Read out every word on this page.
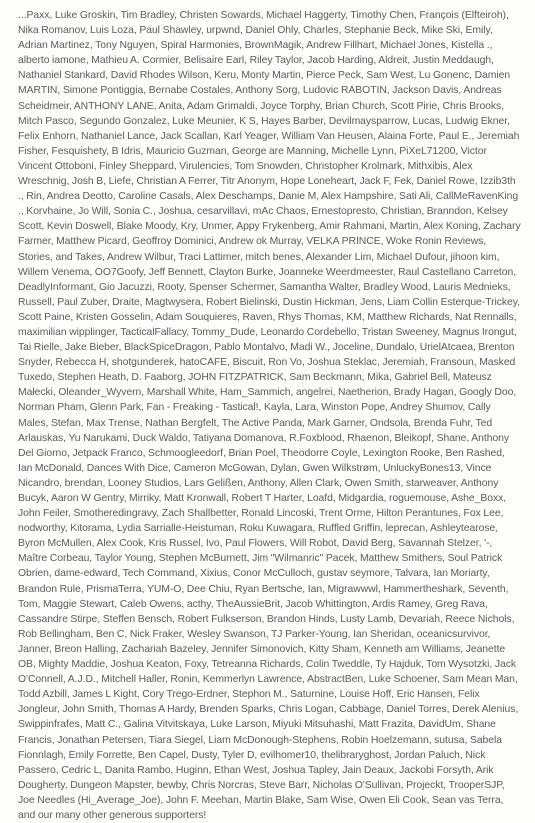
...Paxx, Luke Groskin, Tim Bradley, Christen Sowards, Michael Haggerty, Timothy Chen, François (Elfteiroh), Nika Romanov, Luis Loza, Paul Shawley, urpwnd, Daniel Ohly, Charles, Stephanie Beck, Mike Ski, Emily, Adrian Martinez, Tony Nguyen, Spiral Harmonies, BrownMagik, Andrew Fillhart, Michael Jones, Kistella ., alberto iamone, Mathieu A. Cormier, Belisaire Earl, Riley Taylor, Jacob Harding, Aldreit, Justin Meddaugh, Nathaniel Stankard, David Rhodes Wilson, Keru, Monty Martin, Pierce Peck, Sam West, Lu Gonenc, Damien MARTIN, Simone Pontiggia, Bernabe Costales, Anthony Sorg, Ludovic RABOTIN, Jackson Davis, Andreas Scheidmeir, ANTHONY LANE, Anita, Adam Grimaldi, Joyce Torphy, Brian Church, Scott Pirie, Chris Brooks, Mitch Pasco, Segundo Gonzalez, Luke Meunier, K S, Hayes Barber, Devilmaysparrow, Lucas, Ludwig Ekner, Felix Enhorn, Nathaniel Lance, Jack Scallan, Karl Yeager, William Van Heusen, Alaina Forte, Paul E., Jeremiah Fisher, Fesquishety, B Idris, Mauricio Guzman, George are Manning, Michelle Lynn, PiXeL71200, Victor Vincent Ottoboni, Finley Sheppard, Virulencies, Tom Snowden, Christopher Krolmark, Mithxibis, Alex Wreschnig, Josh B, Liefe, Christian A Ferrer, Titr Anonym, Hope Loneheart, Jack F, Fek, Daniel Rowe, Izzib3th ., Rin, Andrea Deotto, Caroline Casals, Alex Deschamps, Danie M, Alex Hampshire, Sati Ali, CallMeRavenKing ., Korvhaine, Jo Will, Sonia C., Joshua, cesarvillavi, mAc Chaos, Ernestopresto, Christian, Branndon, Kelsey Scott, Kevin Doswell, Blake Moody, Kry, Unmer, Appy Frykenberg, Amir Rahmani, Martin, Alex Koning, Zachary Farmer, Matthew Picard, Geoffroy Dominici, Andrew ok Murray, VELKA PRINCE, Woke Ronin Reviews, Stories, and Takes, Andrew Wilbur, Traci Lattimer, mitch benes, Alexander Lim, Michael Dufour, jihoon kim, Willem Venema, OO7Goofy, Jeff Bennett, Clayton Burke, Joanneke Weerdmeester, Raul Castellano Carreton, DeadlyInformant, Gio Jacuzzi, Rooty, Spenser Schermer, Samantha Walter, Bradley Wood, Lauris Mednieks, Russell, Paul Zuber, Draite, Magtwysera, Robert Bielinski, Dustin Hickman, Jens, Liam Collin Esterque-Trickey, Scott Paine, Kristen Gosselin, Adam Souquieres, Raven, Rhys Thomas, KM, Matthew Richards, Nat Rennalls, maximilian wipplinger, TacticalFallacy, Tommy_Dude, Leonardo Cordebello, Tristan Sweeney, Magnus Irongut, Tai Rielle, Jake Bieber, BlackSpiceDragon, Pablo Montalvo, Madi W., Joceline, Dundalo, UrielAtcaea, Brenton Snyder, Rebecca H, shotgunderek, hatoCAFE, Biscuit, Ron Vo, Joshua Steklac, Jeremiah, Fransoun, Masked Tuxedo, Stephen Heath, D. Faaborg, JOHN FITZPATRICK, Sam Beckmann, Mika, Gabriel Bell, Mateusz Małecki, Oleander_Wyvern, Marshall White, Ham_Sammich, angelrei, Naetherion, Brady Hagan, Googly Doo, Norman Pham, Glenn Park, Fan - Freaking - Tastical!, Kayla, Lara, Winston Pope, Andrey Shumov, Cally Males, Stefan, Max Trense, Nathan Bergfelt, The Active Panda, Mark Garner, Ondsola, Brenda Fuhr, Ted Arlauskas, Yu Narukami, Duck Waldo, Tatiyana Domanova, R.Foxblood, Rhaenon, Bleikopf, Shane, Anthony Del Giorno, Jetpack Franco, Schmoogleedorf, Brian Poel, Theodorre Coyle, Lexington Rooke, Ben Rashed, Ian McDonald, Dances With Dice, Cameron McGowan, Dylan, Gwen Wilkstrøm, UnluckyBones13, Vince Nicandro, brendan, Looney Studios, Lars Gelißen, Anthony, Allen Clark, Owen Smith, starweaver, Anthony Bucyk, Aaron W Gentry, Mirriky, Matt Kronwall, Robert T Harter, Loafd, Midgardia, roguemouse, Ashe_Boxx, John Feiler, Smotheredingravy, Zach Shallbetter, Ronald Lincoski, Trent Orme, Hilton Perantunes, Fox Lee, nodworthy, Kitorama, Lydia Sarrialle-Heistuman, Roku Kuwagara, Ruffled Griffin, leprecan, Ashleytearose, Byron McMullen, Alex Cook, Kris Russel, Ivo, Paul Flowers, Will Robot, David Berg, Savannah Stelzer, '-, Maître Corbeau, Taylor Young, Stephen McBurnett, Jim "Wilmanric" Pacek, Matthew Smithers, Soul Patrick Obrien, dame-edward, Tech Command, Xixius, Conor McCulloch, gustav seymore, Talvara, Ian Moriarty, Brandon Rule, PrismaTerra, YUM-O, Dee Chiu, Ryan Bertsche, Ian, Migrawwwl, Hammertheshark, Seventh, Tom, Maggie Stewart, Caleb Owens, acthy, TheAussieBrit, Jacob Whittington, Ardis Ramey, Greg Rava, Cassandre Stirpe, Steffen Bensch, Robert Fulkserson, Brandon Hinds, Lusty Lamb, Devariah, Reece Nichols, Rob Bellingham, Ben C, Nick Fraker, Wesley Swanson, TJ Parker-Young, Ian Sheridan, oceanicsurvivor, Janner, Breon Halling, Zachariah Bazeley, Jennifer Simonovich, Kitty Sham, Kenneth am Williams, Jeanette OB, Mighty Maddie, Joshua Keaton, Foxy, Tetreanna Richards, Colin Tweddle, Ty Hajduk, Tom Wysotzki, Jack O'Connell, A.J.D., Mitchell Haller, Ronin, Kemmerlyn Lawrence, AbstractBen, Luke Schoener, Sam Mean Man, Todd Azbill, James L Kight, Cory Trego-Erdner, Stephon M., Saturnine, Louise Hoff, Eric Hansen, Felix Jongleur, John Smith, Thomas A Hardy, Brenden Sparks, Chris Logan, Cabbage, Daniel Torres, Derek Alenius, Swippinfrafes, Matt C., Galina Vitvitskaya, Luke Larson, Miyuki Mitsuhashi, Matt Frazita, DavidUm, Shane Francis, Jonathan Petersen, Tiara Siegel, Liam McDonough-Stephens, Robin Hoelzemann, sutusa, Sabela Fionnlagh, Emily Forrette, Ben Capel, Dusty, Tyler D, evilhomer10, thelibraryghost, Jordan Paluch, Nick Passero, Cedric L, Danita Rambo, Huginn, Ethan West, Joshua Tapley, Jain Deaux, Jackobi Forsyth, Arik Dougherty, Dungeon Mapster, bewby, Chris Norcras, Steve Barr, Nicholas O'Sullivan, Projeckt, TrooperSJP, Joe Needles (Hi_Average_Joe), John F. Meehan, Martin Blake, Sam Wise, Owen Eli Cook, Sean vas Terra, and our many other generous supporters!
